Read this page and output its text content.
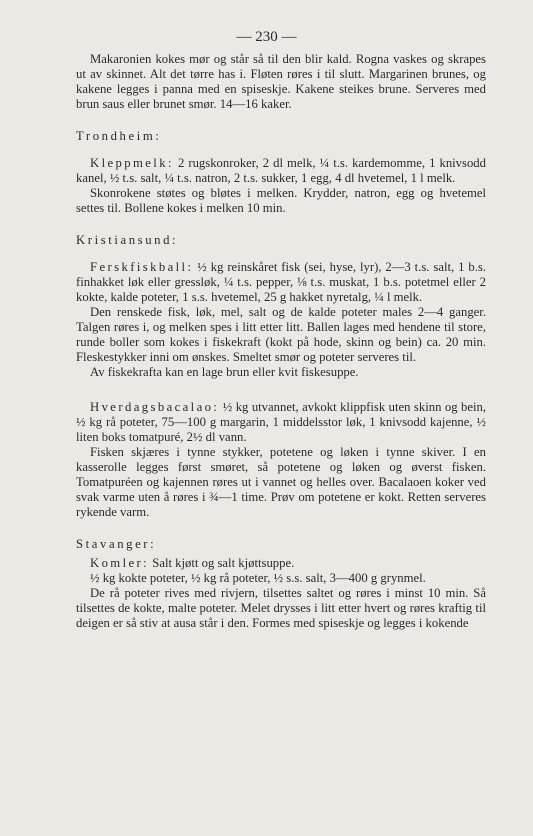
— 230 —

Makaronien kokes mør og står så til den blir kald. Rogna vaskes og skrapes ut av skinnet. Alt det tørre has i. Fløten røres i til slutt. Margarinen brunes, og kakene legges i panna med en spiseskje. Kakene steikes brune. Serveres med brun saus eller brunet smør. 14—16 kaker.

Trondheim:

Kleppmelk: 2 rugskonroker, 2 dl melk, ¼ t.s. kardemomme, 1 knivsodd kanel, ½ t.s. salt, ¼ t.s. natron, 2 t.s. sukker, 1 egg, 4 dl hvetemel, 1 l melk.

Skonrokene støtes og bløtes i melken. Krydder, natron, egg og hvetemel settes til. Bollene kokes i melken 10 min.

Kristiansund:

Ferskfiskball: ½ kg reinskåret fisk (sei, hyse, lyr), 2—3 t.s. salt, 1 b.s. finhakket løk eller gressløk, ¼ t.s. pepper, ⅛ t.s. muskat, 1 b.s. potetmel eller 2 kokte, kalde poteter, 1 s.s. hvetemel, 25 g hakket nyretalg, ¼ l melk.

Den renskede fisk, løk, mel, salt og de kalde poteter males 2—4 ganger. Talgen røres i, og melken spes i litt etter litt. Ballen lages med hendene til store, runde boller som kokes i fiskekraft (kokt på hode, skinn og bein) ca. 20 min. Fleskestykker inni om ønskes. Smeltet smør og poteter serveres til.

Av fiskekrafta kan en lage brun eller kvit fiskesuppe.

Hverdagsbacalao: ½ kg utvannet, avkokt klippfisk uten skinn og bein, ½ kg rå poteter, 75—100 g margarin, 1 middelsstor løk, 1 knivsodd kajenne, ½ liten boks tomatpuré, 2½ dl vann.

Fisken skjæres i tynne stykker, potetene og løken i tynne skiver. I en kasserolle legges først smøret, så potetene og løken og øverst fisken. Tomatpuréen og kajennen røres ut i vannet og helles over. Bacalaoen koker ved svak varme uten å røres i ¾—1 time. Prøv om potetene er kokt. Retten serveres rykende varm.

Stavanger:

Komler: Salt kjøtt og salt kjøttsuppe.

½ kg kokte poteter, ½ kg rå poteter, ½ s.s. salt, 3—400 g grynmel.

De rå poteter rives med rivjern, tilsettes saltet og røres i minst 10 min. Så tilsettes de kokte, malte poteter. Melet drysses i litt etter hvert og røres kraftig til deigen er så stiv at ausa står i den. Formes med spiseskje og legges i kokende
